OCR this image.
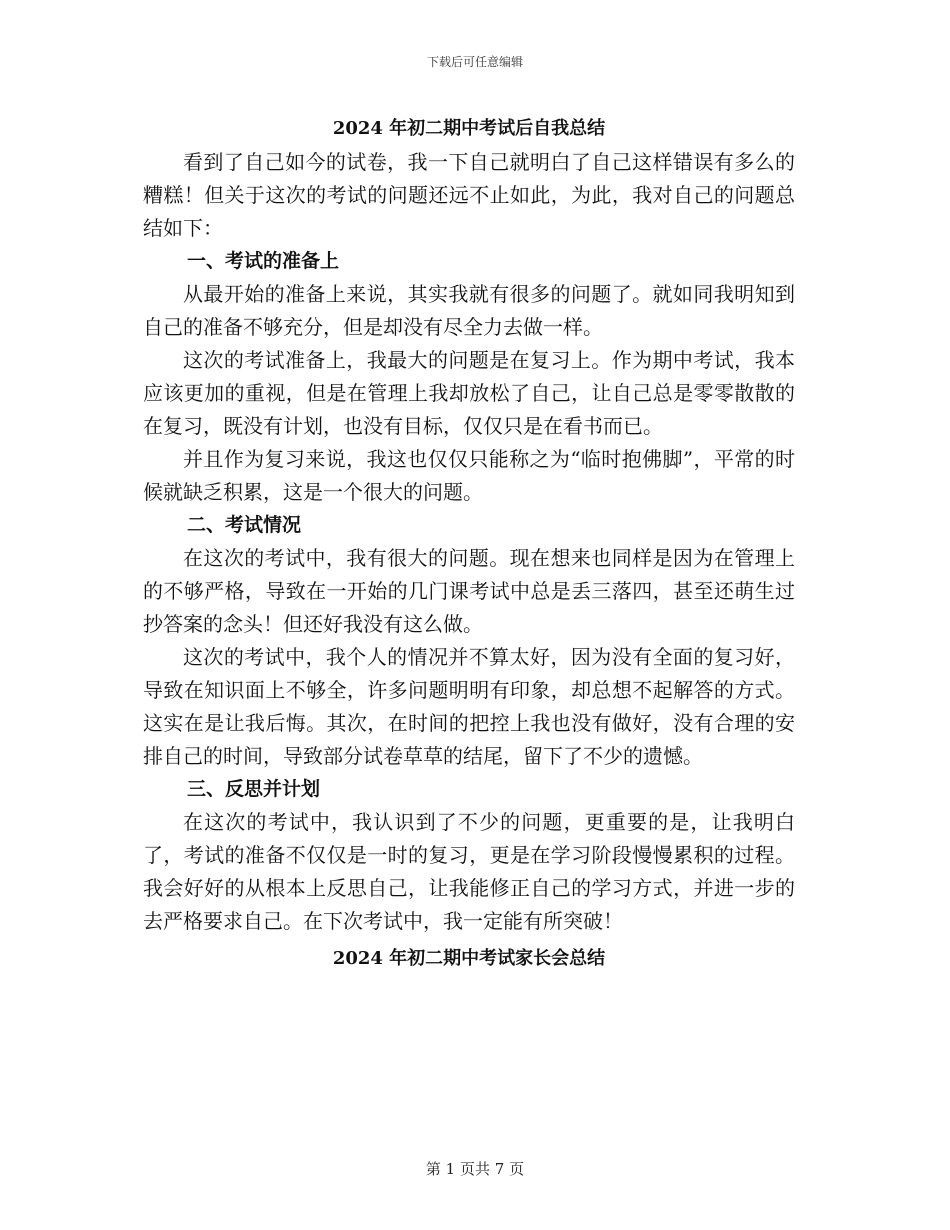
下载后可任意编辑

2024 年初二期中考试后自我总结

看到了自己如今的试卷，我一下自己就明白了自己这样错误有多么的糟糕！但关于这次的考试的问题还远不止如此，为此，我对自己的问题总结如下：

一、考试的准备上

从最开始的准备上来说，其实我就有很多的问题了。就如同我明知到自己的准备不够充分，但是却没有尽全力去做一样。

这次的考试准备上，我最大的问题是在复习上。作为期中考试，我本应该更加的重视，但是在管理上我却放松了自己，让自己总是零零散散的在复习，既没有计划，也没有目标，仅仅只是在看书而已。

并且作为复习来说，我这也仅仅只能称之为“临时抱佛脚”，平常的时候就缺乏积累，这是一个很大的问题。

二、考试情况

在这次的考试中，我有很大的问题。现在想来也同样是因为在管理上的不够严格，导致在一开始的几门课考试中总是丢三落四，甚至还萌生过抄答案的念头！但还好我没有这么做。

这次的考试中，我个人的情况并不算太好，因为没有全面的复习好，导致在知识面上不够全，许多问题明明有印象，却总想不起解答的方式。这实在是让我后悔。其次，在时间的把控上我也没有做好，没有合理的安排自己的时间，导致部分试卷草草的结尾，留下了不少的遗憾。

三、反思并计划

在这次的考试中，我认识到了不少的问题，更重要的是，让我明白了，考试的准备不仅仅是一时的复习，更是在学习阶段慢慢累积的过程。我会好好的从根本上反思自己，让我能修正自己的学习方式，并进一步的去严格要求自己。在下次考试中，我一定能有所突破！

2024 年初二期中考试家长会总结

第 1 页共 7 页
